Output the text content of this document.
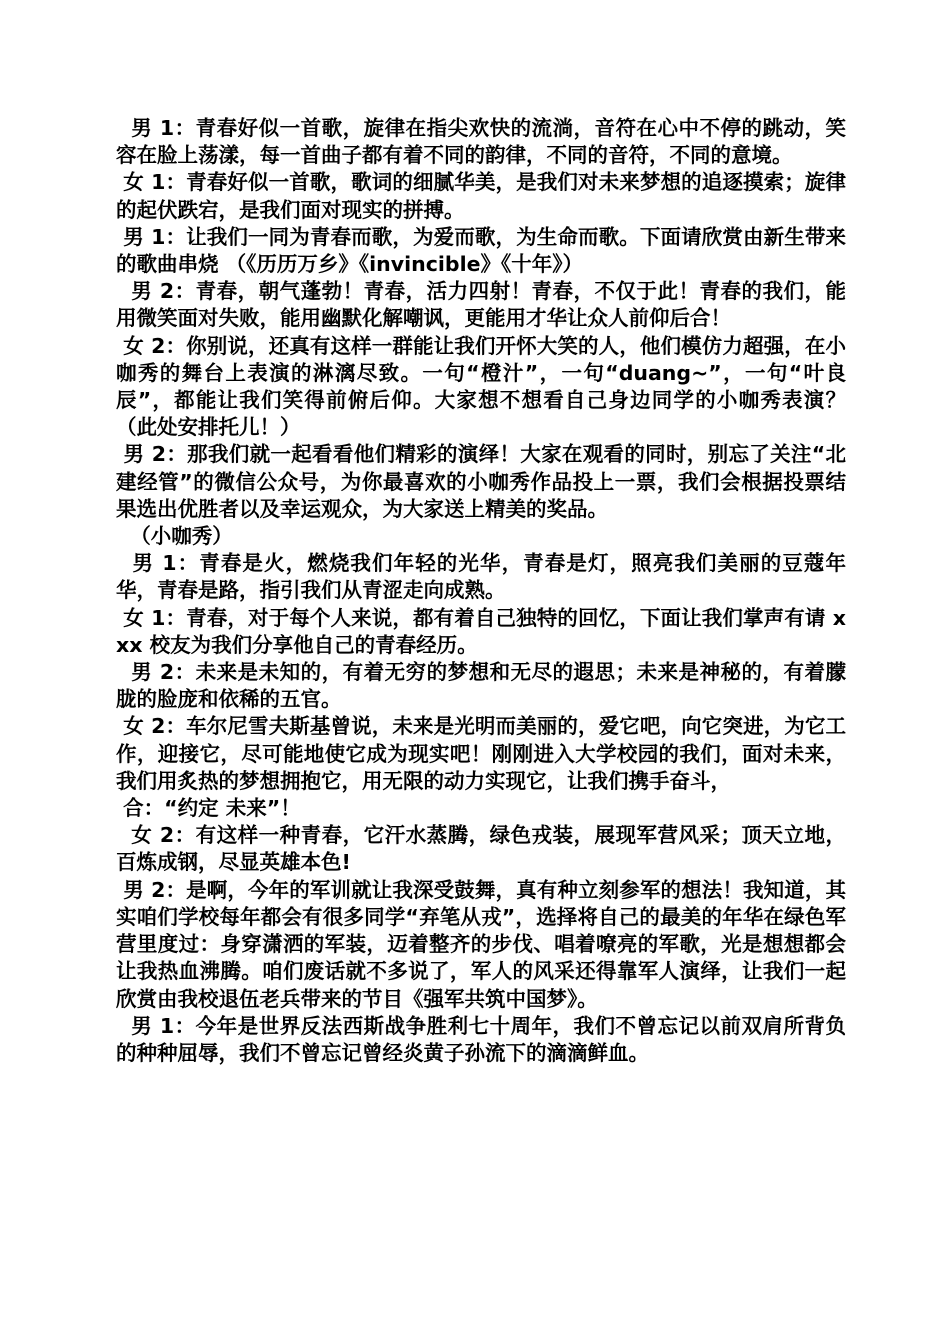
男 1：青春好似一首歌，旋律在指尖欢快的流淌，音符在心中不停的跳动，笑容在脸上荡漾，每一首曲子都有着不同的韵律，不同的音符，不同的意境。

女 1：青春好似一首歌，歌词的细腻华美，是我们对未来梦想的追逐摸索；旋律的起伏跌宕，是我们面对现实的拼搏。

男 1：让我们一同为青春而歌，为爱而歌，为生命而歌。下面请欣赏由新生带来的歌曲串烧 （《历历万乡》《invincible》《十年》）

男 2：青春，朝气蓬勃！青春，活力四射！青春，不仅于此！青春的我们，能用微笑面对失败，能用幽默化解嘲讽，更能用才华让众人前仰后合！

女 2：你别说，还真有这样一群能让我们开怀大笑的人，他们模仿力超强，在小咖秀的舞台上表演的淋漓尽致。一句“橙汁”，一句“duang~”，一句“叶良辰”，都能让我们笑得前俯后仰。大家想不想看自己身边同学的小咖秀表演？（此处安排托儿！）

男 2：那我们就一起看看他们精彩的演绎！大家在观看的同时，别忘了关注“北建经管”的微信公众号，为你最喜欢的小咖秀作品投上一票，我们会根据投票结果选出优胜者以及幸运观众，为大家送上精美的奖品。

（小咖秀）

男 1：青春是火，燃烧我们年轻的光华，青春是灯，照亮我们美丽的豆蔻年华，青春是路，指引我们从青涩走向成熟。

女 1：青春，对于每个人来说，都有着自己独特的回忆，下面让我们掌声有请 xxx 校友为我们分享他自己的青春经历。

男 2：未来是未知的，有着无穷的梦想和无尽的遐思；未来是神秘的，有着朦胧的脸庞和依稀的五官。

女 2：车尔尼雪夫斯基曾说，未来是光明而美丽的，爱它吧，向它突进，为它工作，迎接它，尽可能地使它成为现实吧！刚刚进入大学校园的我们，面对未来，我们用炙热的梦想拥抱它，用无限的动力实现它，让我们携手奋斗，

合：“约定 未来”！

女 2：有这样一种青春，它汗水蒸腾，绿色戎装，展现军营风采；顶天立地，百炼成钢，尽显英雄本色!

男 2：是啊，今年的军训就让我深受鼓舞，真有种立刻参军的想法！我知道，其实咱们学校每年都会有很多同学“弃笔从戎”，选择将自己的最美的年华在绿色军营里度过：身穿潇洒的军装，迈着整齐的步伐、唱着嘹亮的军歌，光是想想都会让我热血沸腾。咱们废话就不多说了，军人的风采还得靠军人演绎，让我们一起欣赏由我校退伍老兵带来的节目《强军共筑中国梦》。

男 1：今年是世界反法西斯战争胜利七十周年，我们不曾忘记以前双肩所背负的种种屈辱，我们不曾忘记曾经炎黄子孙流下的滴滴鲜血。
